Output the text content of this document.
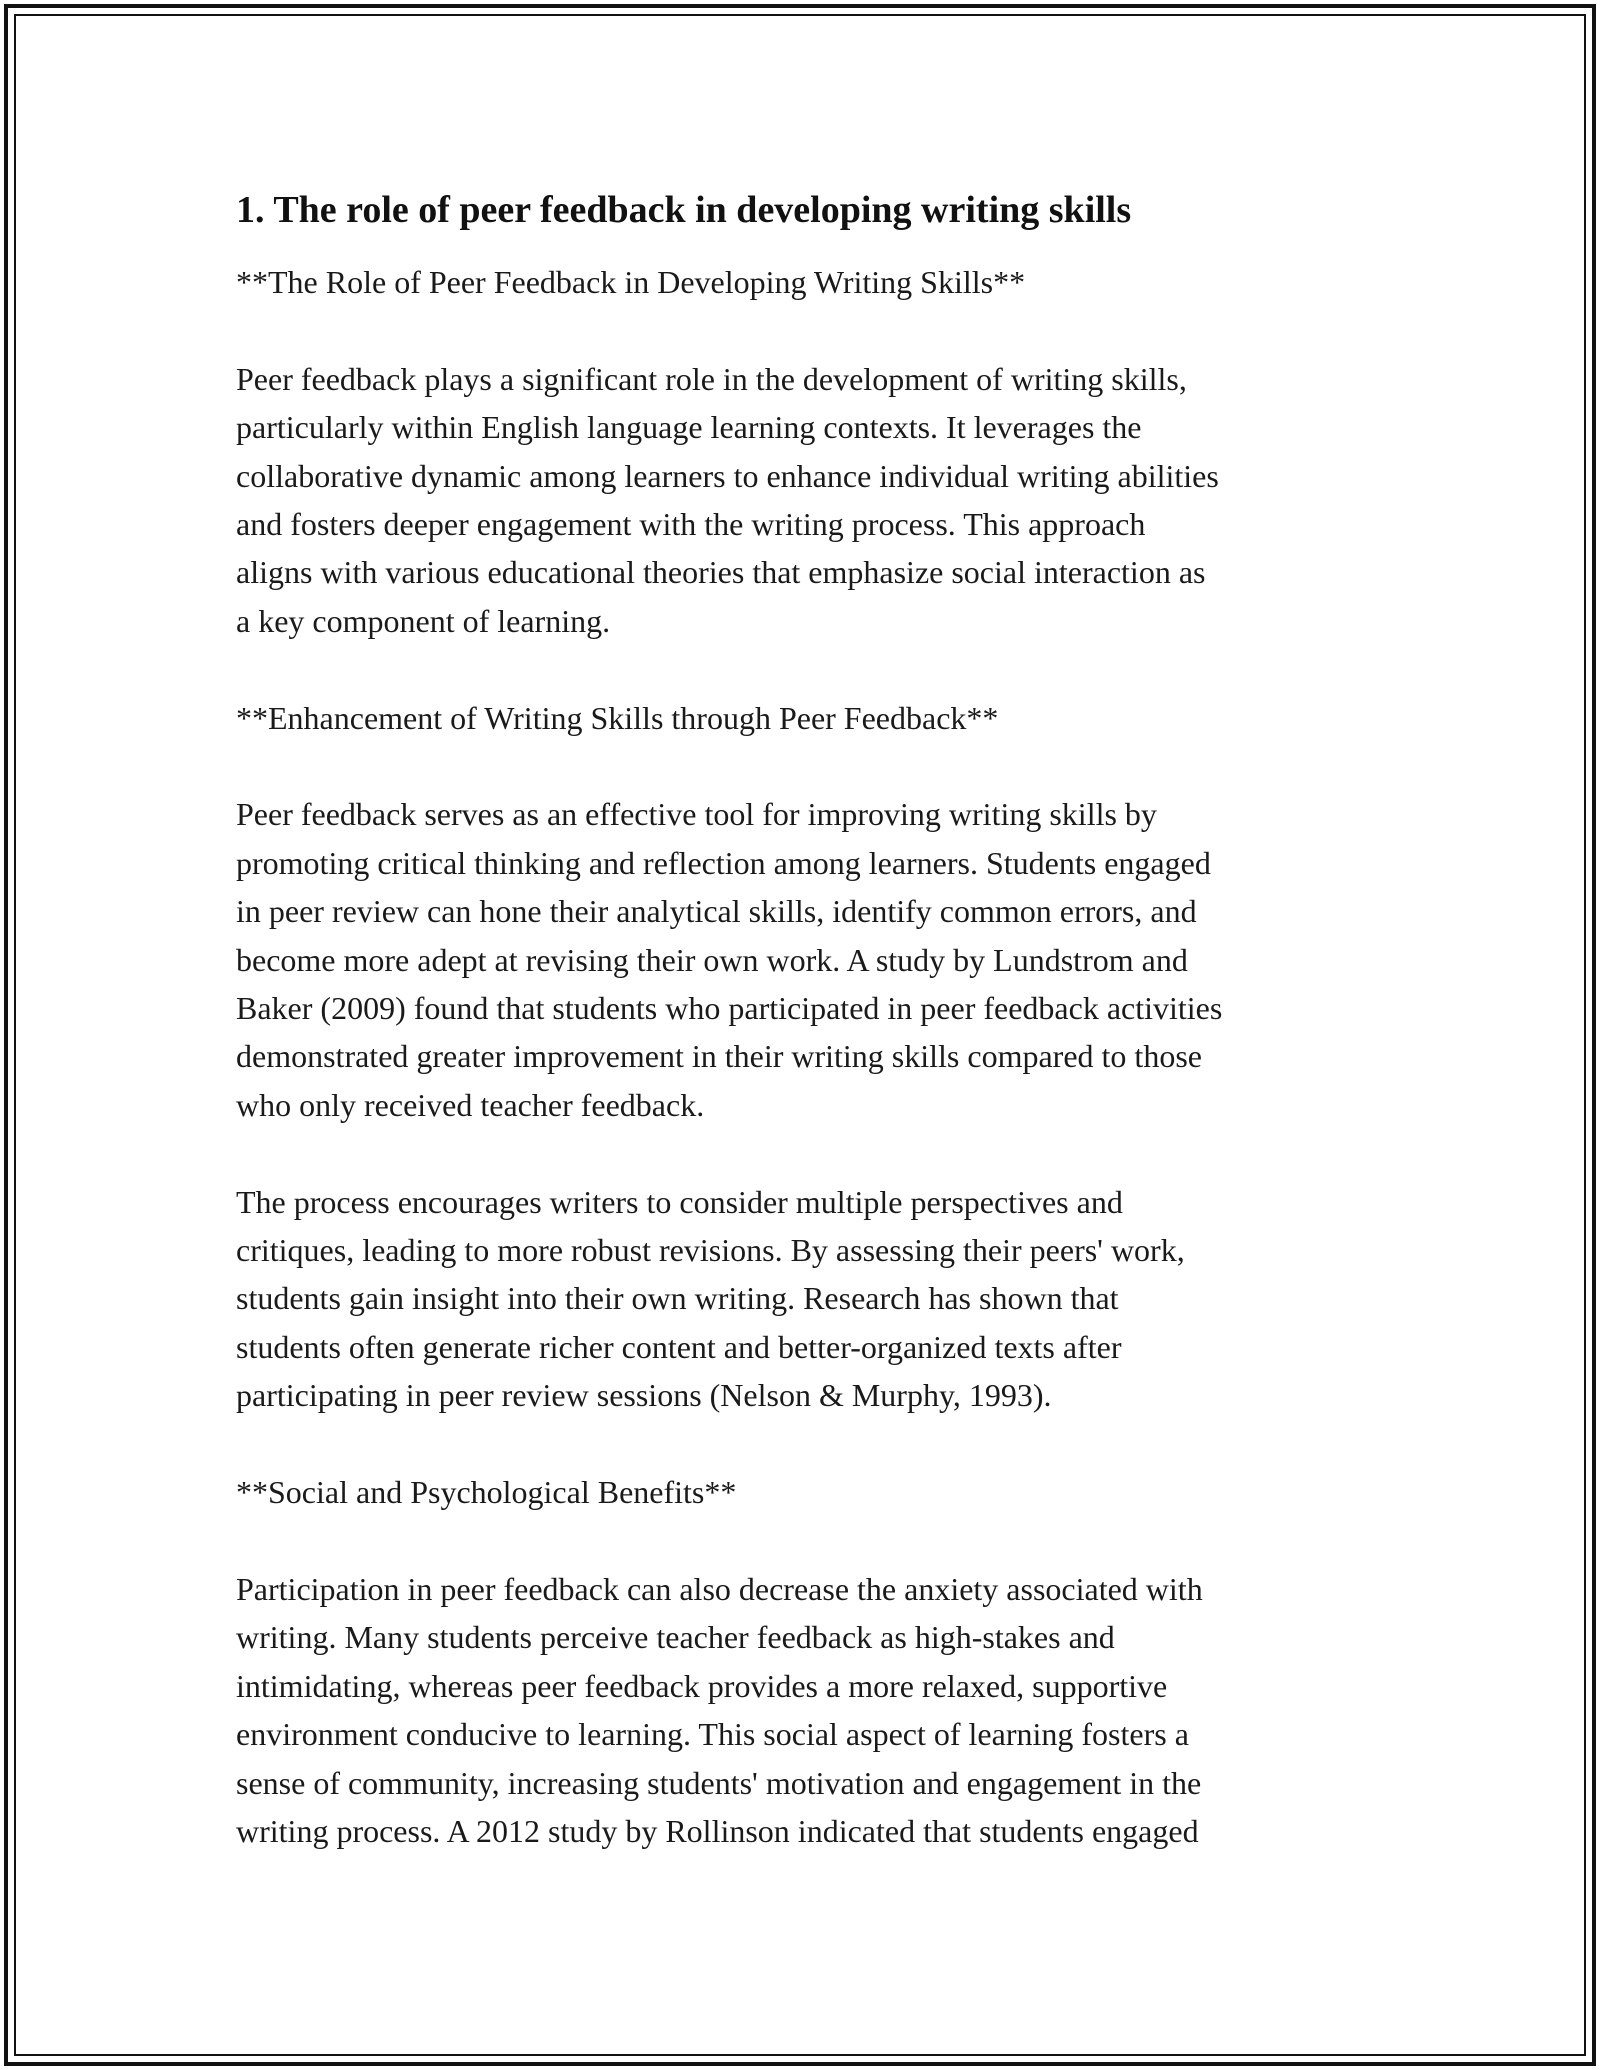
1. The role of peer feedback in developing writing skills
**The Role of Peer Feedback in Developing Writing Skills**
Peer feedback plays a significant role in the development of writing skills,
particularly within English language learning contexts. It leverages the
collaborative dynamic among learners to enhance individual writing abilities
and fosters deeper engagement with the writing process. This approach
aligns with various educational theories that emphasize social interaction as
a key component of learning.
**Enhancement of Writing Skills through Peer Feedback**
Peer feedback serves as an effective tool for improving writing skills by
promoting critical thinking and reflection among learners. Students engaged
in peer review can hone their analytical skills, identify common errors, and
become more adept at revising their own work. A study by Lundstrom and
Baker (2009) found that students who participated in peer feedback activities
demonstrated greater improvement in their writing skills compared to those
who only received teacher feedback.
The process encourages writers to consider multiple perspectives and
critiques, leading to more robust revisions. By assessing their peers' work,
students gain insight into their own writing. Research has shown that
students often generate richer content and better-organized texts after
participating in peer review sessions (Nelson & Murphy, 1993).
**Social and Psychological Benefits**
Participation in peer feedback can also decrease the anxiety associated with
writing. Many students perceive teacher feedback as high-stakes and
intimidating, whereas peer feedback provides a more relaxed, supportive
environment conducive to learning. This social aspect of learning fosters a
sense of community, increasing students' motivation and engagement in the
writing process. A 2012 study by Rollinson indicated that students engaged
